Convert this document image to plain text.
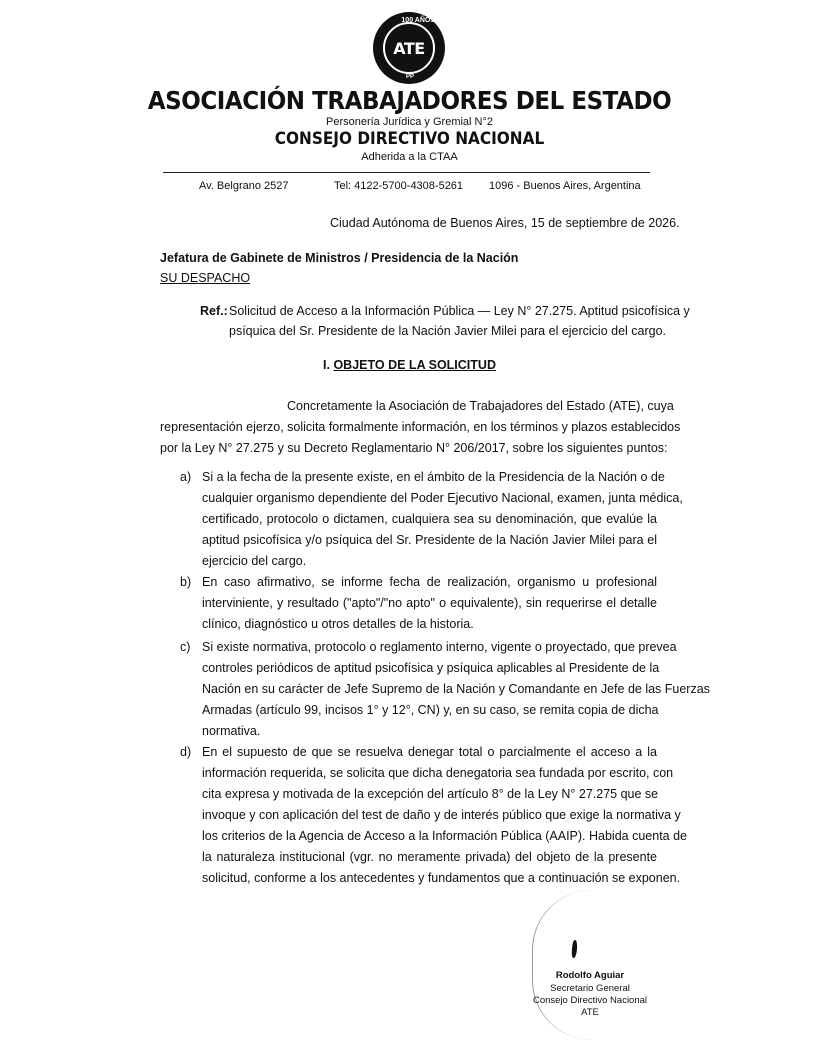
100 AÑOS
ATE
PP
ASOCIACIÓN TRABAJADORES DEL ESTADO
Personería Jurídica y Gremial N°2
CONSEJO DIRECTIVO NACIONAL
Adherida a la CTAA
Av. Belgrano 2527	Tel: 4122-5700-4308-5261 1096 - Buenos Aires, Argentina
Ciudad Autónoma de Buenos Aires, 15 de septiembre de 2026.
Jefatura de Gabinete de Ministros / Presidencia de la Nación
SU DESPACHO
Ref.: Solicitud de Acceso a la Información Pública — Ley N° 27.275. Aptitud psicofísica y
psíquica del Sr. Presidente de la Nación Javier Milei para el ejercicio del cargo.
I. OBJETO DE LA SOLICITUD
Concretamente la Asociación de Trabajadores del Estado (ATE), cuya
representación ejerzo, solicita formalmente información, en los términos y plazos establecidos
por la Ley N° 27.275 y su Decreto Reglamentario N° 206/2017, sobre los siguientes puntos:
a) Si a la fecha de la presente existe, en el ámbito de la Presidencia de la Nación o de
cualquier organismo dependiente del Poder Ejecutivo Nacional, examen, junta médica,
certificado, protocolo o dictamen, cualquiera sea su denominación, que evalúe la
aptitud psicofísica y/o psíquica del Sr. Presidente de la Nación Javier Milei para el
ejercicio del cargo.
b) En caso afirmativo, se informe fecha de realización, organismo u profesional
interviniente, y resultado ("apto"/"no apto" o equivalente), sin requerirse el detalle
clínico, diagnóstico u otros detalles de la historia.
c) Si existe normativa, protocolo o reglamento interno, vigente o proyectado, que prevea
controles periódicos de aptitud psicofísica y psíquica aplicables al Presidente de la
Nación en su carácter de Jefe Supremo de la Nación y Comandante en Jefe de las Fuerzas
Armadas (artículo 99, incisos 1° y 12°, CN) y, en su caso, se remita copia de dicha
normativa.
d) En el supuesto de que se resuelva denegar total o parcialmente el acceso a la
información requerida, se solicita que dicha denegatoria sea fundada por escrito, con
cita expresa y motivada de la excepción del artículo 8° de la Ley N° 27.275 que se
invoque y con aplicación del test de daño y de interés público que exige la normativa y
los criterios de la Agencia de Acceso a la Información Pública (AAIP). Habida cuenta de
la naturaleza institucional (vgr. no meramente privada) del objeto de la presente
solicitud, conforme a los antecedentes y fundamentos que a continuación se exponen.
Rodolfo Aguiar
Secretario General
Consejo Directivo Nacional
ATE
